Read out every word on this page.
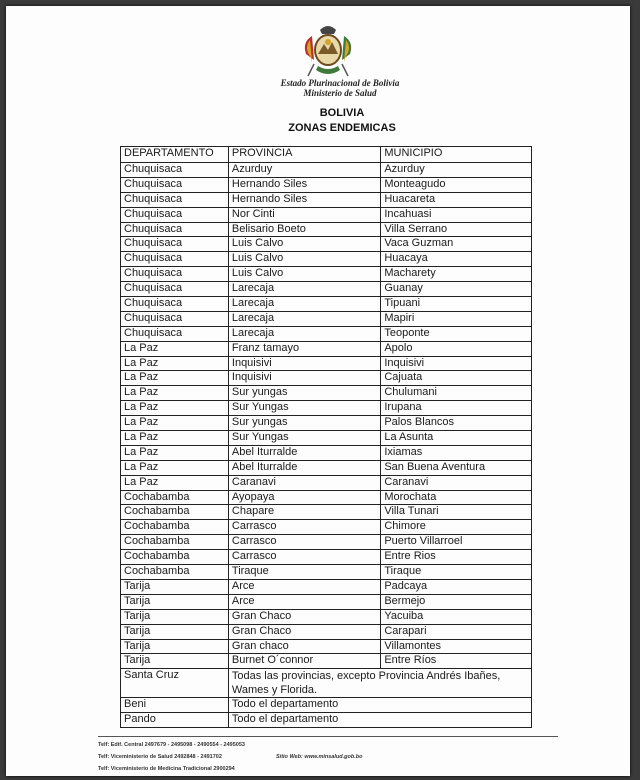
Estado Plurinacional de Bolivia
Ministerio de Salud
BOLIVIA
ZONAS ENDEMICAS
DEPARTAMENTO	PROVINCIA	MUNICIPIO
Chuquisaca	Azurduy	Azurduy
Chuquisaca	Hernando Siles	Monteagudo
Chuquisaca	Hernando Siles	Huacareta
Chuquisaca	Nor Cinti	Incahuasi
Chuquisaca	Belisario Boeto	Villa Serrano
Chuquisaca	Luis Calvo	Vaca Guzman
Chuquisaca	Luis Calvo	Huacaya
Chuquisaca	Luis Calvo	Macharety
Chuquisaca	Larecaja	Guanay
Chuquisaca	Larecaja	Tipuani
Chuquisaca	Larecaja	Mapiri
Chuquisaca	Larecaja	Teoponte
La Paz	Franz tamayo	Apolo
La Paz	Inquisivi	Inquisivi
La Paz	Inquisivi	Cajuata
La Paz	Sur yungas	Chulumani
La Paz	Sur Yungas	Irupana
La Paz	Sur yungas	Palos Blancos
La Paz	Sur Yungas	La Asunta
La Paz	Abel Iturralde	Ixiamas
La Paz	Abel Iturralde	San Buena Aventura
La Paz	Caranavi	Caranavi
Cochabamba	Ayopaya	Morochata
Cochabamba	Chapare	Villa Tunari
Cochabamba	Carrasco	Chimore
Cochabamba	Carrasco	Puerto Villarroel
Cochabamba	Carrasco	Entre Rios
Cochabamba	Tiraque	Tiraque
Tarija	Arce	Padcaya
Tarija	Arce	Bermejo
Tarija	Gran Chaco	Yacuiba
Tarija	Gran Chaco	Carapari
Tarija	Gran chaco	Villamontes
Tarija	Burnet O´connor	Entre Ríos
Santa Cruz	Todas las provincias, excepto Provincia Andrés Ibañes, Wames y Florida.	
Beni	Todo el departamento	
Pando	Todo el departamento	
Telf: Edif. Central 2497679 - 2495098 - 2490554 - 2495053
Telf: Viceministerio de Salud 2492848 - 2491702
Telf: Viceministerio de Medicina Tradicional 2900294
Sitio Web: www.minsalud.gob.bo
